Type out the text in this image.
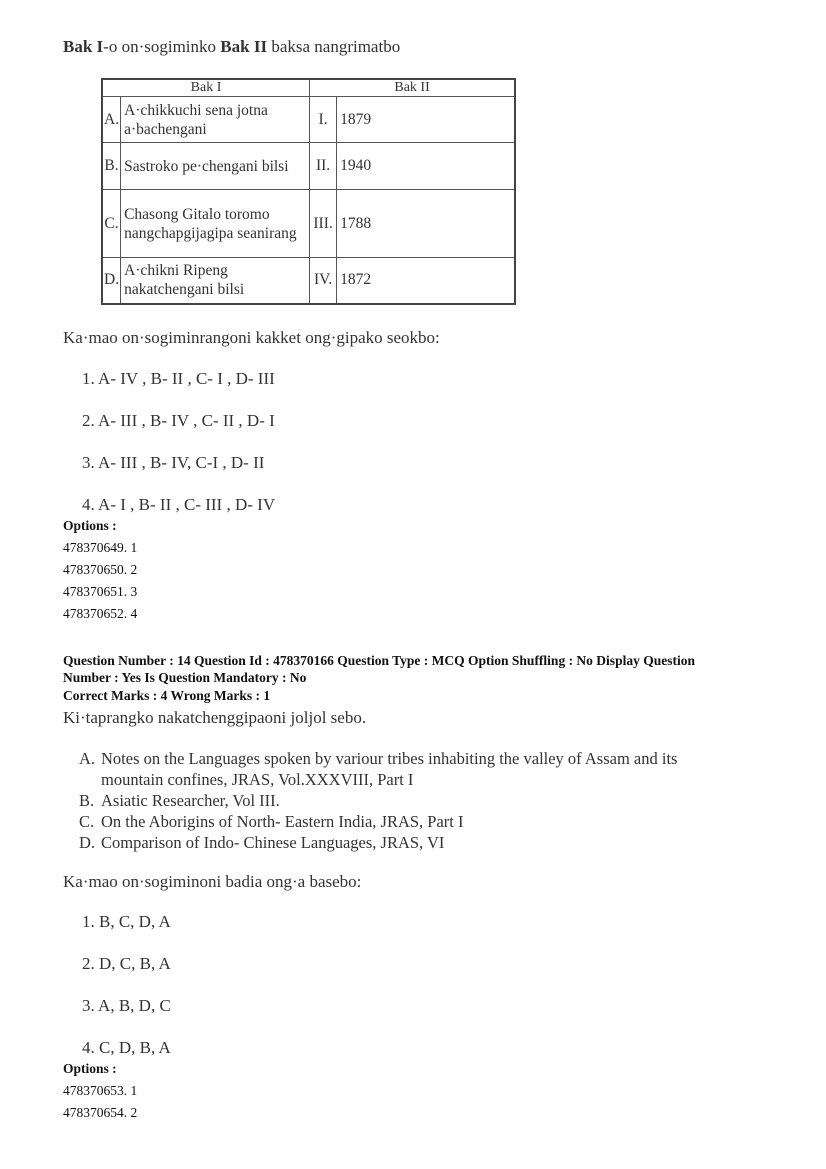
Bak I-o on·sogiminko Bak II baksa nangrimatbo
Bak I		Bak II	
A.	A·chikkuchi sena jotna a·bachengani	I.	1879
B.	Sastroko pe·chengani bilsi	II.	1940
C.	Chasong Gitalo toromo nangchapgijagipa seanirang	III.	1788
D.	A·chikni Ripeng nakatchengani bilsi	IV.	1872
Ka·mao on·sogiminrangoni kakket ong·gipako seokbo:
1. A- IV , B- II , C- I , D- III
2. A- III , B- IV , C- II , D- I
3. A- III , B- IV, C-I , D- II
4. A- I , B- II , C- III , D- IV
Options :
478370649. 1
478370650. 2
478370651. 3
478370652. 4
Question Number : 14 Question Id : 478370166 Question Type : MCQ Option Shuffling : No Display Question
Number : Yes Is Question Mandatory : No
Correct Marks : 4 Wrong Marks : 1
Ki·taprangko nakatchenggipaoni joljol sebo.
A. Notes on the Languages spoken by variour tribes inhabiting the valley of Assam and its
mountain confines, JRAS, Vol.XXXVIII, Part I
B. Asiatic Researcher, Vol III.
C. On the Aborigins of North- Eastern India, JRAS, Part I
D. Comparison of Indo- Chinese Languages, JRAS, VI
Ka·mao on·sogiminoni badia ong·a basebo:
1. B, C, D, A
2. D, C, B, A
3. A, B, D, C
4. C, D, B, A
Options :
478370653. 1
478370654. 2
